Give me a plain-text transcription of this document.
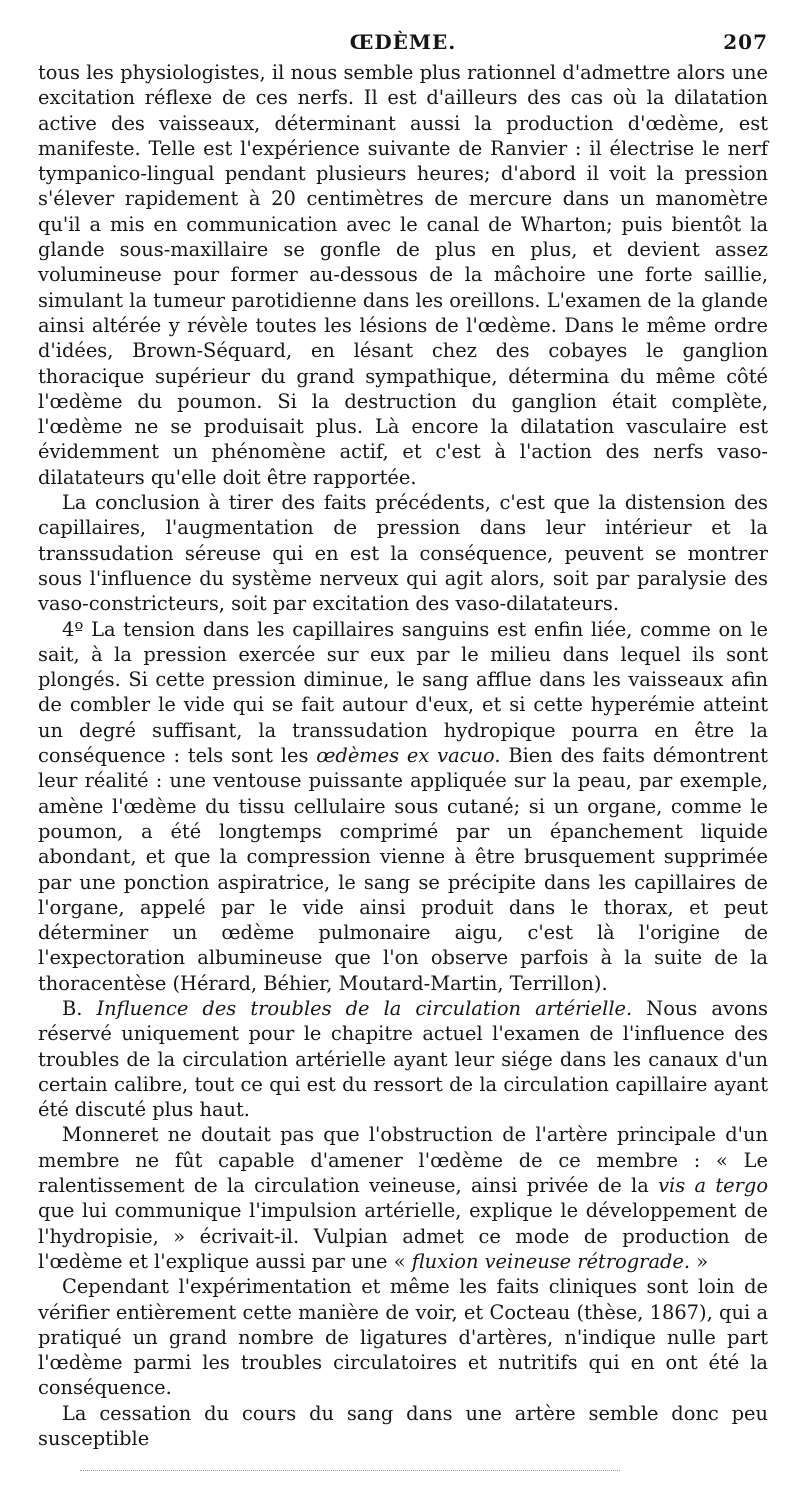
ŒDÈME.	207

tous les physiologistes, il nous semble plus rationnel d'admettre alors une excitation réflexe de ces nerfs. Il est d'ailleurs des cas où la dilatation active des vaisseaux, déterminant aussi la production d'œdème, est manifeste. Telle est l'expérience suivante de Ranvier : il électrise le nerf tympanico-lingual pendant plusieurs heures; d'abord il voit la pression s'élever rapidement à 20 centimètres de mercure dans un manomètre qu'il a mis en communication avec le canal de Wharton; puis bientôt la glande sous-maxillaire se gonfle de plus en plus, et devient assez volumineuse pour former au-dessous de la mâchoire une forte saillie, simulant la tumeur parotidienne dans les oreillons. L'examen de la glande ainsi altérée y révèle toutes les lésions de l'œdème. Dans le même ordre d'idées, Brown-Séquard, en lésant chez des cobayes le ganglion thoracique supérieur du grand sympathique, détermina du même côté l'œdème du poumon. Si la destruction du ganglion était complète, l'œdème ne se produisait plus. Là encore la dilatation vasculaire est évidemment un phénomène actif, et c'est à l'action des nerfs vaso-dilatateurs qu'elle doit être rapportée.

La conclusion à tirer des faits précédents, c'est que la distension des capillaires, l'augmentation de pression dans leur intérieur et la transsudation séreuse qui en est la conséquence, peuvent se montrer sous l'influence du système nerveux qui agit alors, soit par paralysie des vaso-constricteurs, soit par excitation des vaso-dilatateurs.

4º La tension dans les capillaires sanguins est enfin liée, comme on le sait, à la pression exercée sur eux par le milieu dans lequel ils sont plongés. Si cette pression diminue, le sang afflue dans les vaisseaux afin de combler le vide qui se fait autour d'eux, et si cette hyperémie atteint un degré suffisant, la transsudation hydropique pourra en être la conséquence : tels sont les œdèmes ex vacuo. Bien des faits démontrent leur réalité : une ventouse puissante appliquée sur la peau, par exemple, amène l'œdème du tissu cellulaire sous cutané; si un organe, comme le poumon, a été longtemps comprimé par un épanchement liquide abondant, et que la compression vienne à être brusquement supprimée par une ponction aspiratrice, le sang se précipite dans les capillaires de l'organe, appelé par le vide ainsi produit dans le thorax, et peut déterminer un œdème pulmonaire aigu, c'est là l'origine de l'expectoration albumineuse que l'on observe parfois à la suite de la thoracentèse (Hérard, Béhier, Moutard-Martin, Terrillon).

B. Influence des troubles de la circulation artérielle. Nous avons réservé uniquement pour le chapitre actuel l'examen de l'influence des troubles de la circulation artérielle ayant leur siége dans les canaux d'un certain calibre, tout ce qui est du ressort de la circulation capillaire ayant été discuté plus haut.

Monneret ne doutait pas que l'obstruction de l'artère principale d'un membre ne fût capable d'amener l'œdème de ce membre : « Le ralentissement de la circulation veineuse, ainsi privée de la vis a tergo que lui communique l'impulsion artérielle, explique le développement de l'hydropisie, » écrivait-il. Vulpian admet ce mode de production de l'œdème et l'explique aussi par une « fluxion veineuse rétrograde. »

Cependant l'expérimentation et même les faits cliniques sont loin de vérifier entièrement cette manière de voir, et Cocteau (thèse, 1867), qui a pratiqué un grand nombre de ligatures d'artères, n'indique nulle part l'œdème parmi les troubles circulatoires et nutritifs qui en ont été la conséquence.

La cessation du cours du sang dans une artère semble donc peu susceptible
